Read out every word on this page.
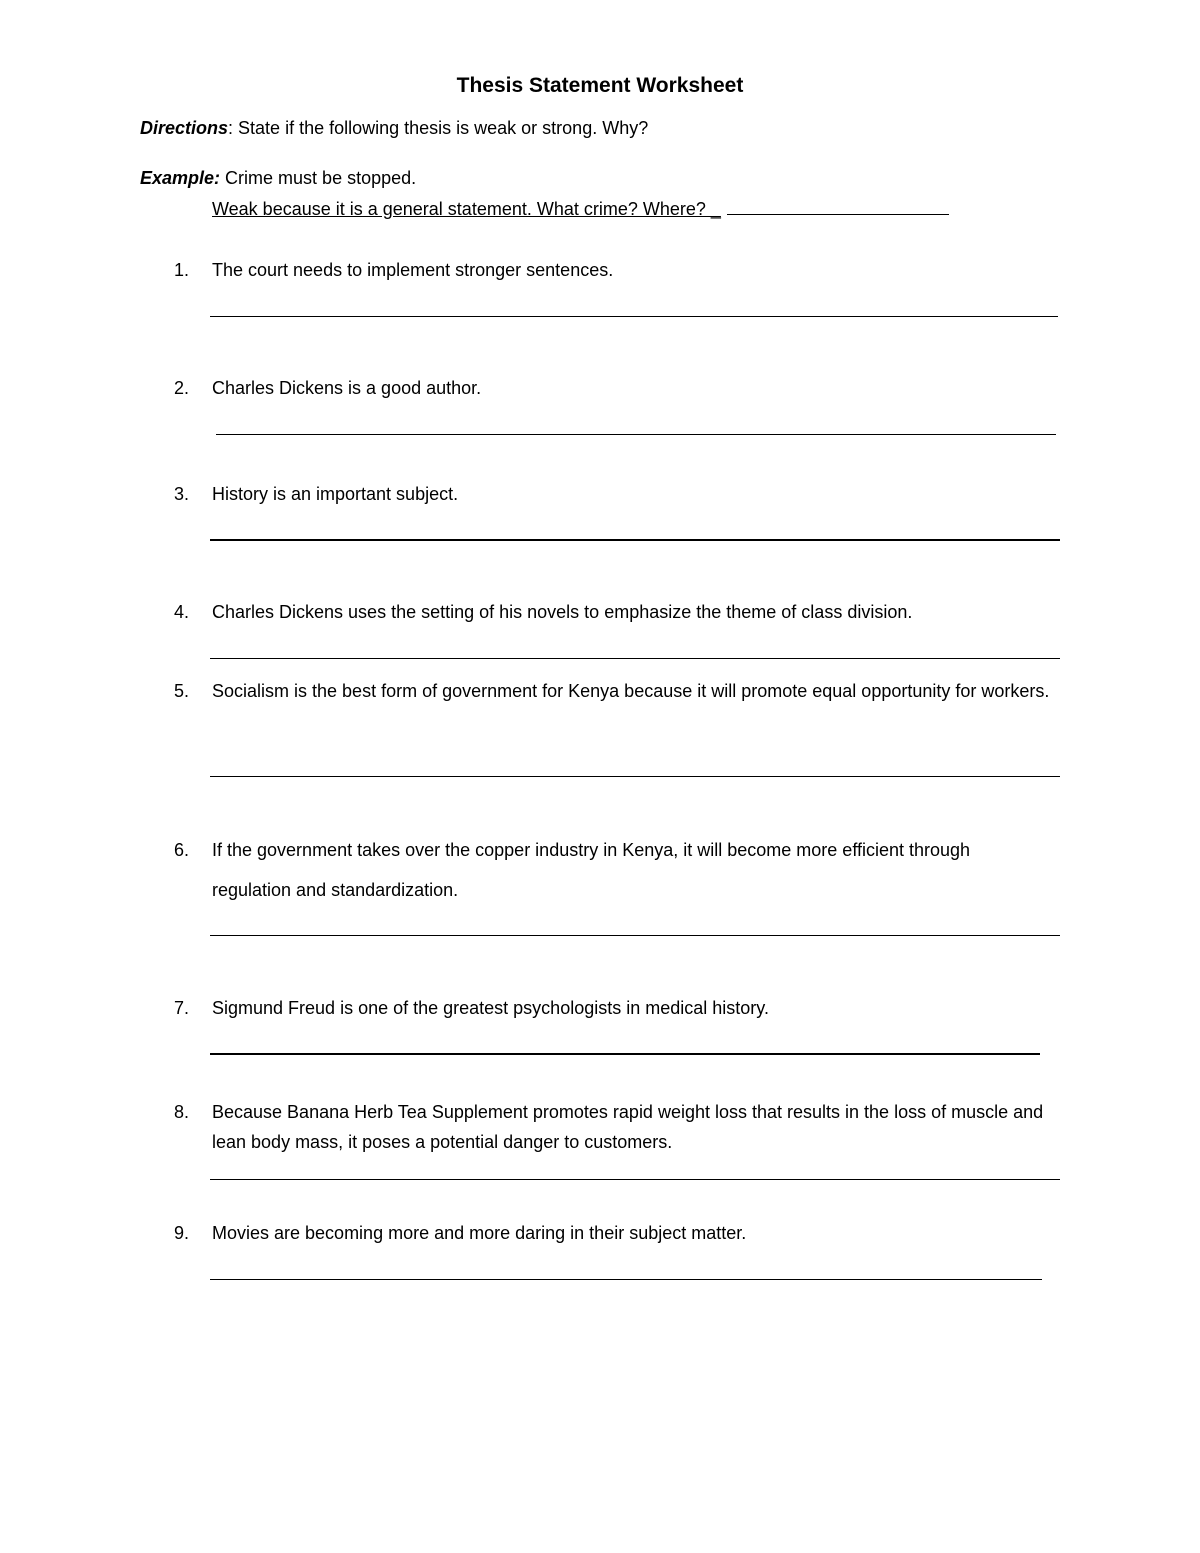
Thesis Statement Worksheet
Directions: State if the following thesis is weak or strong. Why?
Example: Crime must be stopped.
Weak because it is a general statement. What crime? Where? _
1.	The court needs to implement stronger sentences.
2.	Charles Dickens is a good author.
3.	History is an important subject.
4.	Charles Dickens uses the setting of his novels to emphasize the theme of class division.
5.	Socialism is the best form of government for Kenya because it will promote equal opportunity for workers.
6.	If the government takes over the copper industry in Kenya, it will become more efficient through regulation and standardization.
7.	Sigmund Freud is one of the greatest psychologists in medical history.
8.	Because Banana Herb Tea Supplement promotes rapid weight loss that results in the loss of muscle and lean body mass, it poses a potential danger to customers.
9.	Movies are becoming more and more daring in their subject matter.
